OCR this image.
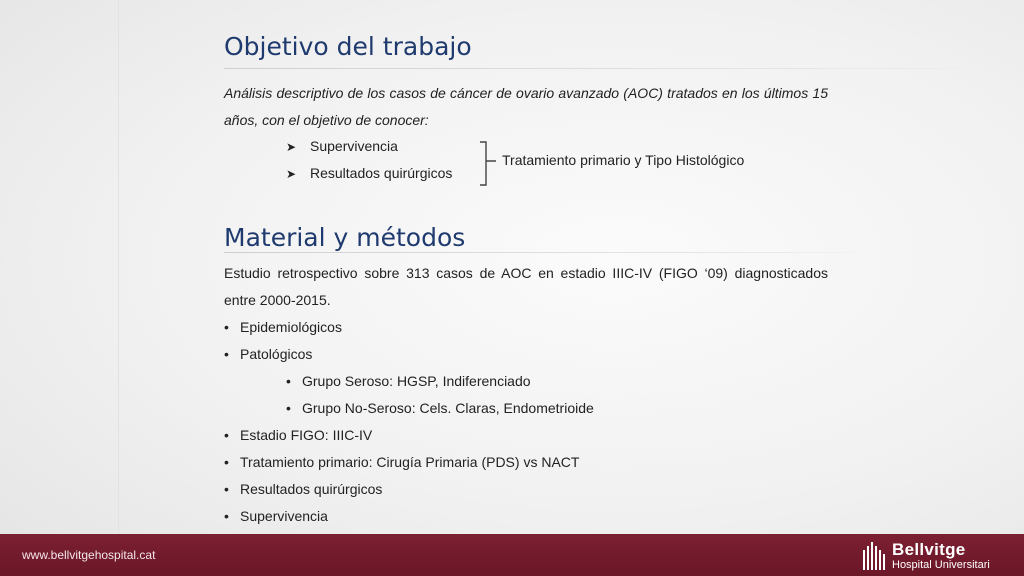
Objetivo del trabajo

Análisis descriptivo de los casos de cáncer de ovario avanzado (AOC) tratados en los últimos 15 años, con el objetivo de conocer:

➤ Supervivencia
➤ Resultados quirúrgicos
Tratamiento primario y Tipo Histológico
Material y métodos

Estudio retrospectivo sobre 313 casos de AOC en estadio IIIC-IV (FIGO ‘09) diagnosticados entre 2000-2015.

• Epidemiológicos
• Patológicos
• Grupo Seroso: HGSP, Indiferenciado
• Grupo No-Seroso: Cels. Claras, Endometrioide
• Estadio FIGO: IIIC-IV
• Tratamiento primario: Cirugía Primaria (PDS) vs NACT
• Resultados quirúrgicos
• Supervivencia
www.bellvitgehospital.cat	Bellvitge
Hospital Universitari
